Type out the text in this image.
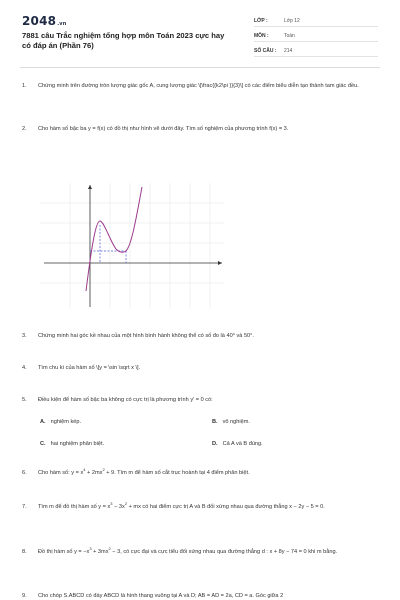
2048.vn
7881 câu Trắc nghiệm tổng hợp môn Toán 2023 cực hay có đáp án (Phần 76)
LỚP :	Lớp 12
MÔN :	Toán
SỐ CÂU : 214
1. Chứng minh trên đường tròn lượng giác gốc A, cung lượng giác \[\frac{{k2\pi }}{3}\] có các điểm biểu diễn tạo thành tam giác đều.
2. Cho hàm số bậc ba y = f(x) có đồ thị như hình vẽ dưới đây. Tìm số nghiệm của phương trình f(x) = 3.
3. Chứng minh hai góc kề nhau của một hình bình hành không thể có số đo là 40° và 50°.
4. Tìm chu kì của hàm số \[y = \sin \sqrt x \].
5. Điều kiện để hàm số bậc ba không có cực trị là phương trình y' = 0 có:
A. nghiệm kép.	B. vô nghiệm.
C. hai nghiệm phân biệt.	D. Cả A và B đúng.
6. Cho hàm số: $y = x^4 + 2mx^2 + 9$. Tìm m để hàm số cắt trục hoành tại 4 điểm phân biệt.
7. Tìm m để đồ thị hàm số $y = x^3 - 3x^2$ + mx có hai điểm cực trị A và B đối xứng nhau qua đường thẳng x − 2y − 5 = 0.
8. Đồ thị hàm số $y = -x^3 + 3mx^2 - 3$, có cực đại và cực tiểu đối xứng nhau qua đường thẳng d : x + 8y − 74 = 0 khi m bằng.
9. Cho chóp S.ABCD có đáy ABCD là hình thang vuông tại A và D; AB = AD = 2a, CD = a. Góc giữa 2
